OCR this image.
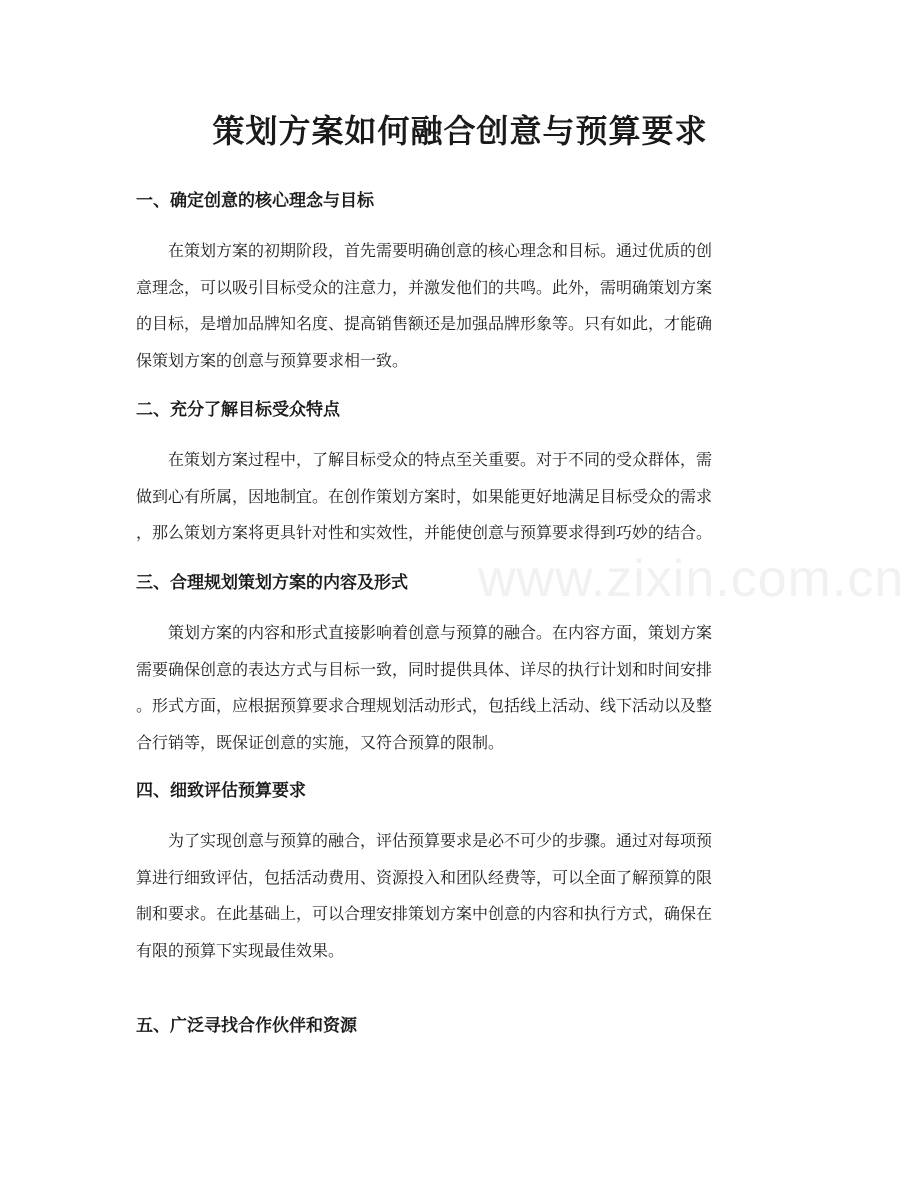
策划方案如何融合创意与预算要求
www.zixin.com.cn
一、确定创意的核心理念与目标
　　在策划方案的初期阶段，首先需要明确创意的核心理念和目标。通过优质的创
意理念，可以吸引目标受众的注意力，并激发他们的共鸣。此外，需明确策划方案
的目标，是增加品牌知名度、提高销售额还是加强品牌形象等。只有如此，才能确
保策划方案的创意与预算要求相一致。
二、充分了解目标受众特点
　　在策划方案过程中，了解目标受众的特点至关重要。对于不同的受众群体，需
做到心有所属，因地制宜。在创作策划方案时，如果能更好地满足目标受众的需求
，那么策划方案将更具针对性和实效性，并能使创意与预算要求得到巧妙的结合。
三、合理规划策划方案的内容及形式
　　策划方案的内容和形式直接影响着创意与预算的融合。在内容方面，策划方案
需要确保创意的表达方式与目标一致，同时提供具体、详尽的执行计划和时间安排
。形式方面，应根据预算要求合理规划活动形式，包括线上活动、线下活动以及整
合行销等，既保证创意的实施，又符合预算的限制。
四、细致评估预算要求
　　为了实现创意与预算的融合，评估预算要求是必不可少的步骤。通过对每项预
算进行细致评估，包括活动费用、资源投入和团队经费等，可以全面了解预算的限
制和要求。在此基础上，可以合理安排策划方案中创意的内容和执行方式，确保在
有限的预算下实现最佳效果。
五、广泛寻找合作伙伴和资源
